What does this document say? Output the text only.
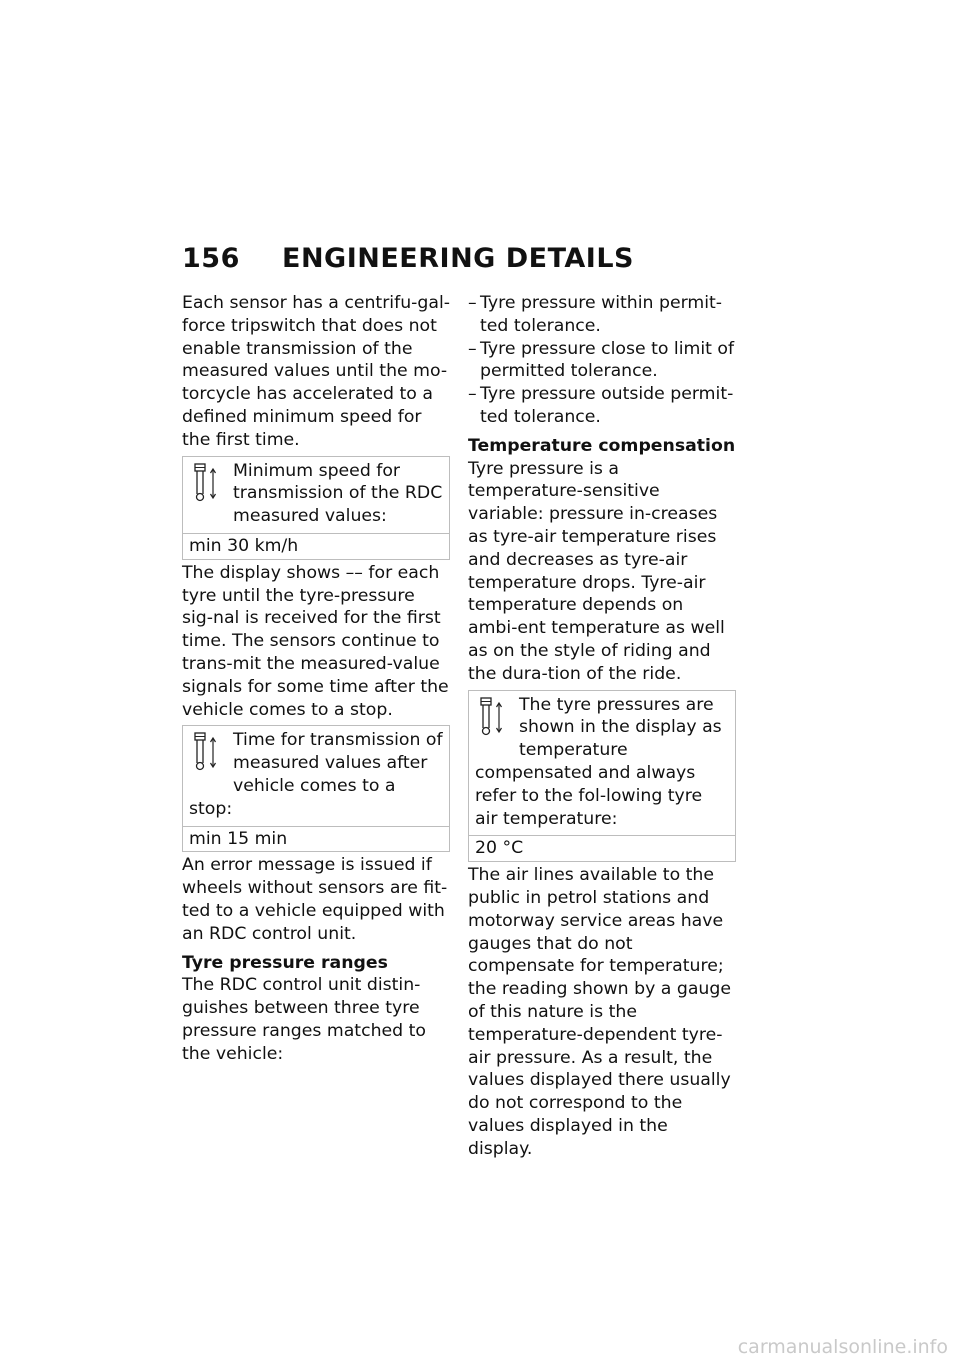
156 ENGINEERING DETAILS

Each sensor has a centrifu-gal-force tripswitch that does not enable transmission of the measured values until the mo-torcycle has accelerated to a defined minimum speed for the first time.

Minimum speed for transmission of the RDC measured values:
min 30 km/h

The display shows –– for each tyre until the tyre-pressure sig-nal is received for the first time. The sensors continue to trans-mit the measured-value signals for some time after the vehicle comes to a stop.

Time for transmission of measured values after vehicle comes to a stop:
min 15 min

An error message is issued if wheels without sensors are fit-ted to a vehicle equipped with an RDC control unit.

Tyre pressure ranges

The RDC control unit distin-guishes between three tyre pressure ranges matched to the vehicle:

– Tyre pressure within permit-ted tolerance.
– Tyre pressure close to limit of permitted tolerance.
– Tyre pressure outside permit-ted tolerance.

Temperature compensation

Tyre pressure is a temperature-sensitive variable: pressure in-creases as tyre-air temperature rises and decreases as tyre-air temperature drops. Tyre-air temperature depends on ambi-ent temperature as well as on the style of riding and the dura-tion of the ride.

The tyre pressures are shown in the display as temperature compensated and always refer to the fol-lowing tyre air temperature:
20 °C

The air lines available to the public in petrol stations and motorway service areas have gauges that do not compensate for temperature; the reading shown by a gauge of this nature is the temperature-dependent tyre-air pressure. As a result, the values displayed there usually do not correspond to the values displayed in the display.

carmanualsonline.info
